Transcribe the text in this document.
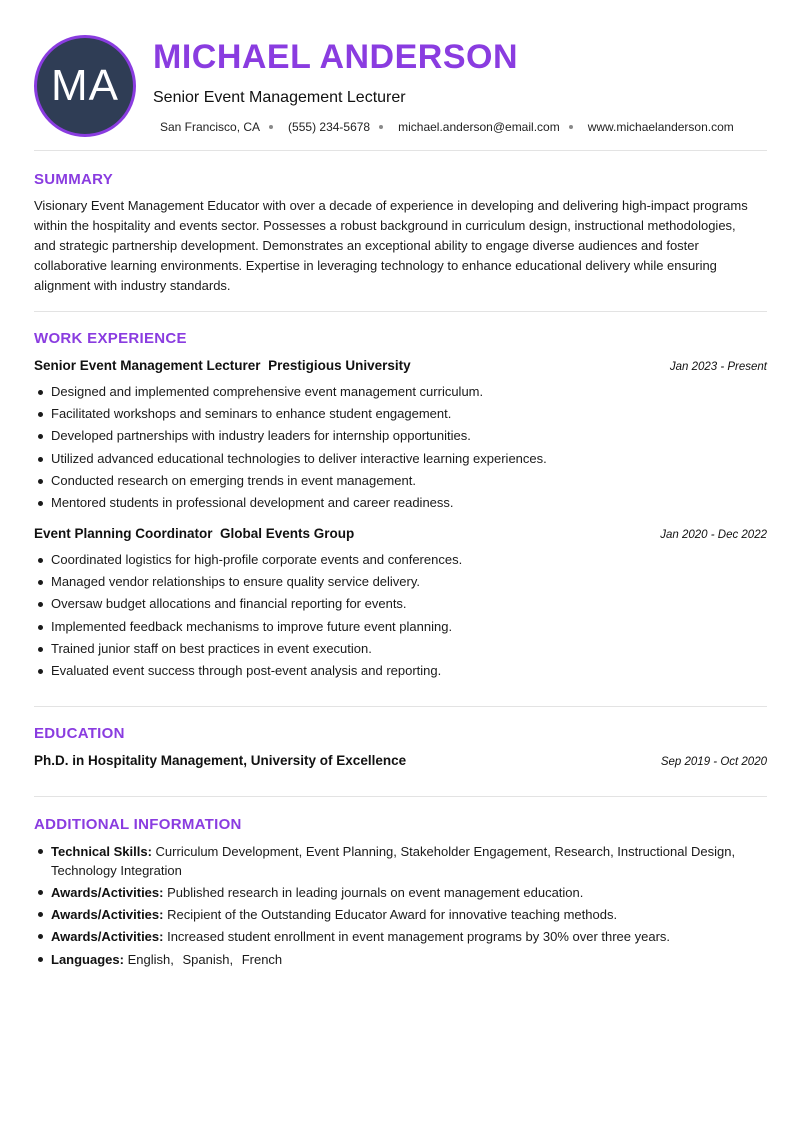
MA
MICHAEL ANDERSON
Senior Event Management Lecturer
San Francisco, CA (555) 234-5678 michael.anderson@email.com www.michaelanderson.com
SUMMARY
Visionary Event Management Educator with over a decade of experience in developing and delivering high-impact programs within the hospitality and events sector. Possesses a robust background in curriculum design, instructional methodologies, and strategic partnership development. Demonstrates an exceptional ability to engage diverse audiences and foster collaborative learning environments. Expertise in leveraging technology to enhance educational delivery while ensuring alignment with industry standards.
WORK EXPERIENCE
Senior Event Management Lecturer Prestigious University	Jan 2023 - Present
Designed and implemented comprehensive event management curriculum.
Facilitated workshops and seminars to enhance student engagement.
Developed partnerships with industry leaders for internship opportunities.
Utilized advanced educational technologies to deliver interactive learning experiences.
Conducted research on emerging trends in event management.
Mentored students in professional development and career readiness.
Event Planning Coordinator Global Events Group	Jan 2020 - Dec 2022
Coordinated logistics for high-profile corporate events and conferences.
Managed vendor relationships to ensure quality service delivery.
Oversaw budget allocations and financial reporting for events.
Implemented feedback mechanisms to improve future event planning.
Trained junior staff on best practices in event execution.
Evaluated event success through post-event analysis and reporting.
EDUCATION
Ph.D. in Hospitality Management, University of Excellence	Sep 2019 - Oct 2020
ADDITIONAL INFORMATION
Technical Skills: Curriculum Development, Event Planning, Stakeholder Engagement, Research, Instructional Design, Technology Integration
Awards/Activities: Published research in leading journals on event management education.
Awards/Activities: Recipient of the Outstanding Educator Award for innovative teaching methods.
Awards/Activities: Increased student enrollment in event management programs by 30% over three years.
Languages: English, Spanish, French
